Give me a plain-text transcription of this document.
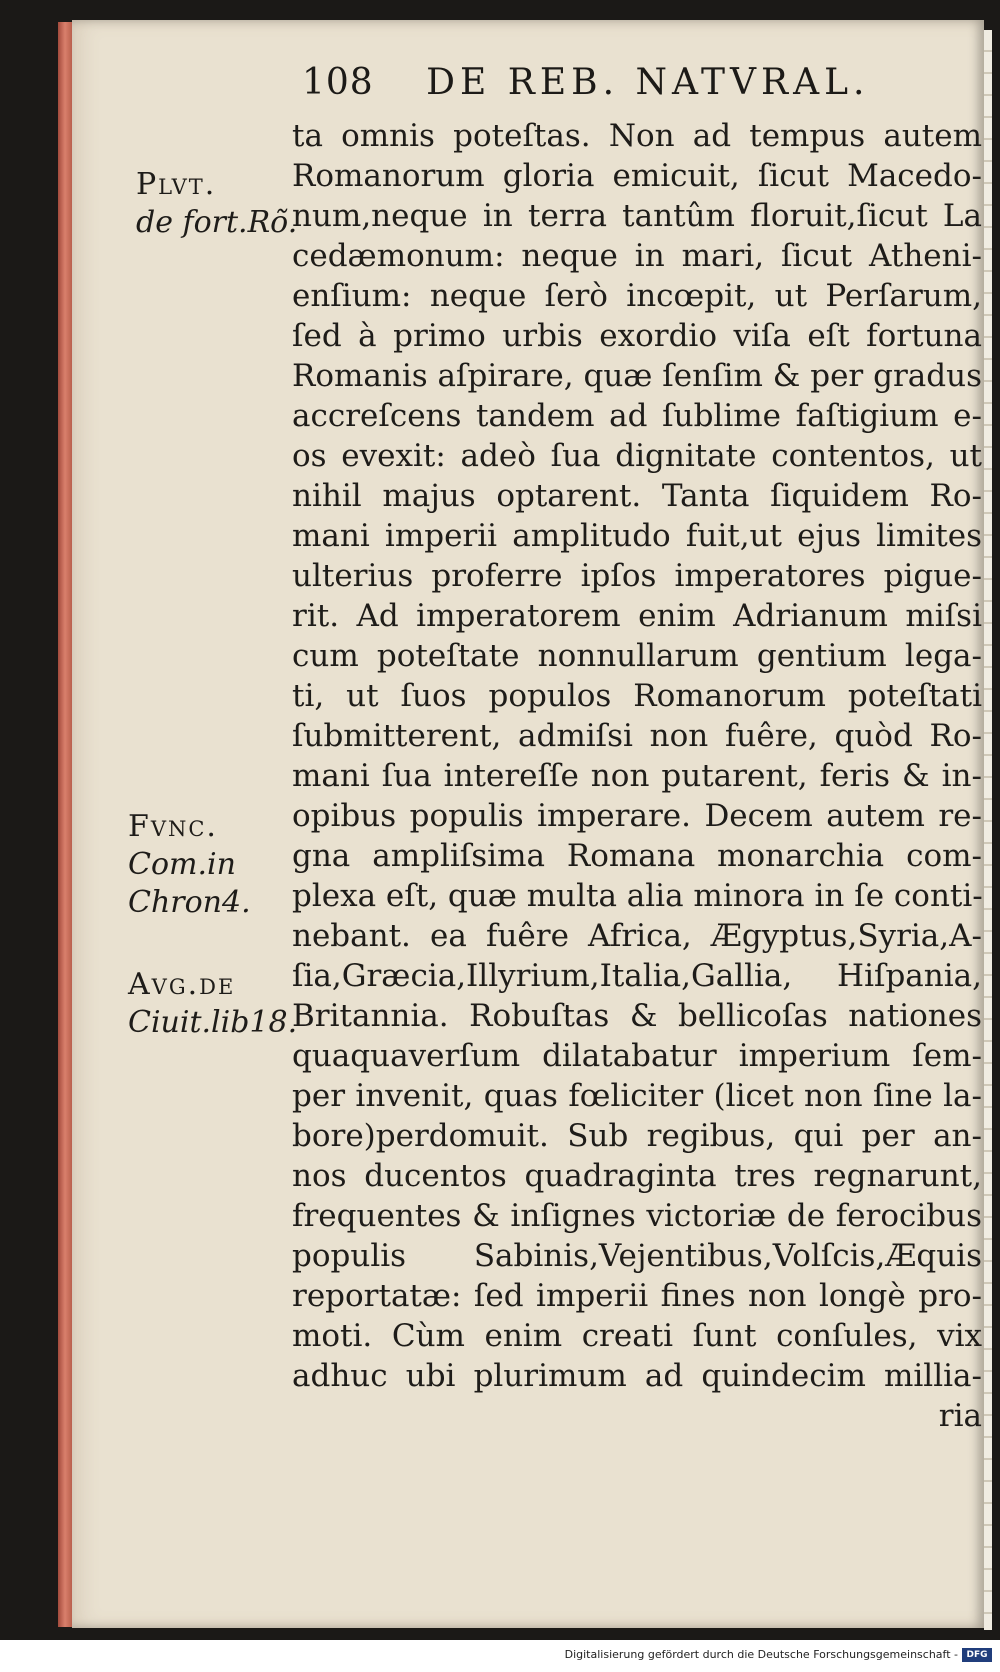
108 DE REB. NATVRAL.
Plvt.
de fort.Rõ.
Fvnc.
Com.in
Chron4.
Avg.de
Ciuit.lib18.
ta omnis poteſtas. Non ad tempus autem
Romanorum gloria emicuit, ſicut Macedo-
num,neque in terra tantûm floruit,ſicut La
cedæmonum: neque in mari, ſicut Atheni-
enſium: neque ſerò incœpit, ut Perſarum,
ſed à primo urbis exordio viſa eſt fortuna
Romanis aſpirare, quæ ſenſim & per gradus
accreſcens tandem ad ſublime faſtigium e-
os evexit: adeò ſua dignitate contentos, ut
nihil majus optarent. Tanta ſiquidem Ro-
mani imperii amplitudo fuit,ut ejus limites
ulterius proferre ipſos imperatores pigue-
rit. Ad imperatorem enim Adrianum miſsi
cum poteſtate nonnullarum gentium lega-
ti, ut ſuos populos Romanorum poteſtati
ſubmitterent, admiſsi non fuêre, quòd Ro-
mani ſua intereſſe non putarent, feris & in-
opibus populis imperare. Decem autem re-
gna ampliſsima Romana monarchia com-
plexa eſt, quæ multa alia minora in ſe conti-
nebant. ea fuêre Africa, Ægyptus,Syria,A-
ſia,Græcia,Illyrium,Italia,Gallia, Hiſpania,
Britannia. Robuſtas & bellicoſas nationes
quaquaverſum dilatabatur imperium ſem-
per invenit, quas fœliciter (licet non ſine la-
bore)perdomuit. Sub regibus, qui per an-
nos ducentos quadraginta tres regnarunt,
frequentes & inſignes victoriæ de ferocibus
populis Sabinis,Vejentibus,Volſcis,Æquis
reportatæ: ſed imperii fines non longè pro-
moti. Cùm enim creati ſunt conſules, vix
adhuc ubi plurimum ad quindecim millia-
ria
Digitalisierung gefördert durch die Deutsche Forschungsgemeinschaft - DFG
